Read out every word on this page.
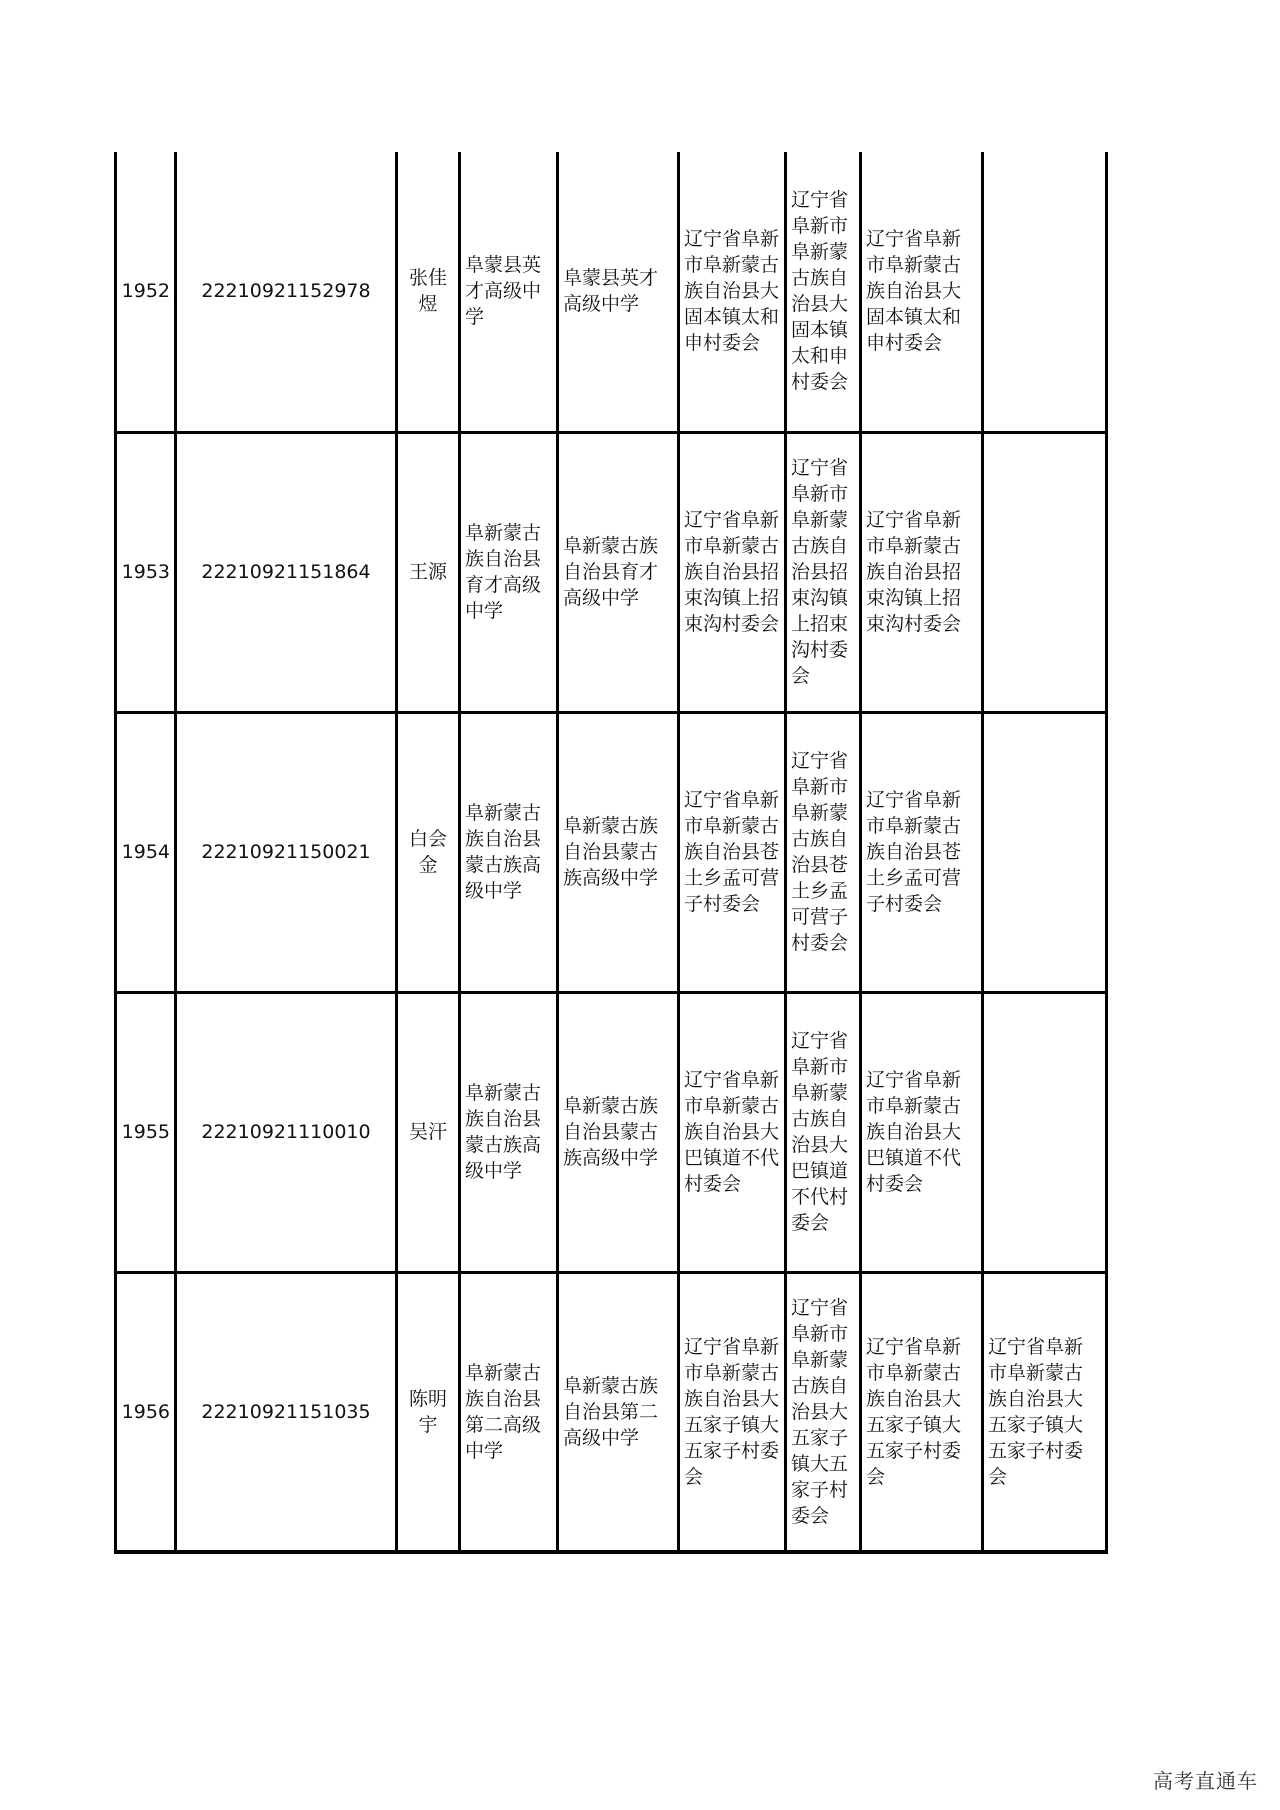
1952	22210921152978	张佳煜	阜蒙县英才高级中学	阜蒙县英才高级中学	辽宁省阜新市阜新蒙古族自治县大固本镇太和申村委会	辽宁省阜新市阜新蒙古族自治县大固本镇太和申村委会	辽宁省阜新市阜新蒙古族自治县大固本镇太和申村委会	
1953	22210921151864	王源	阜新蒙古族自治县育才高级中学	阜新蒙古族自治县育才高级中学	辽宁省阜新市阜新蒙古族自治县招束沟镇上招束沟村委会	辽宁省阜新市阜新蒙古族自治县招束沟镇上招束沟村委会	辽宁省阜新市阜新蒙古族自治县招束沟镇上招束沟村委会	
1954	22210921150021	白会金	阜新蒙古族自治县蒙古族高级中学	阜新蒙古族自治县蒙古族高级中学	辽宁省阜新市阜新蒙古族自治县苍土乡孟可营子村委会	辽宁省阜新市阜新蒙古族自治县苍土乡孟可营子村委会	辽宁省阜新市阜新蒙古族自治县苍土乡孟可营子村委会	
1955	22210921110010	吴汗	阜新蒙古族自治县蒙古族高级中学	阜新蒙古族自治县蒙古族高级中学	辽宁省阜新市阜新蒙古族自治县大巴镇道不代村委会	辽宁省阜新市阜新蒙古族自治县大巴镇道不代村委会	辽宁省阜新市阜新蒙古族自治县大巴镇道不代村委会	
1956	22210921151035	陈明宇	阜新蒙古族自治县第二高级中学	阜新蒙古族自治县第二高级中学	辽宁省阜新市阜新蒙古族自治县大五家子镇大五家子村委会	辽宁省阜新市阜新蒙古族自治县大五家子镇大五家子村委会	辽宁省阜新市阜新蒙古族自治县大五家子镇大五家子村委会	辽宁省阜新市阜新蒙古族自治县大五家子镇大五家子村委会
高考直通车
